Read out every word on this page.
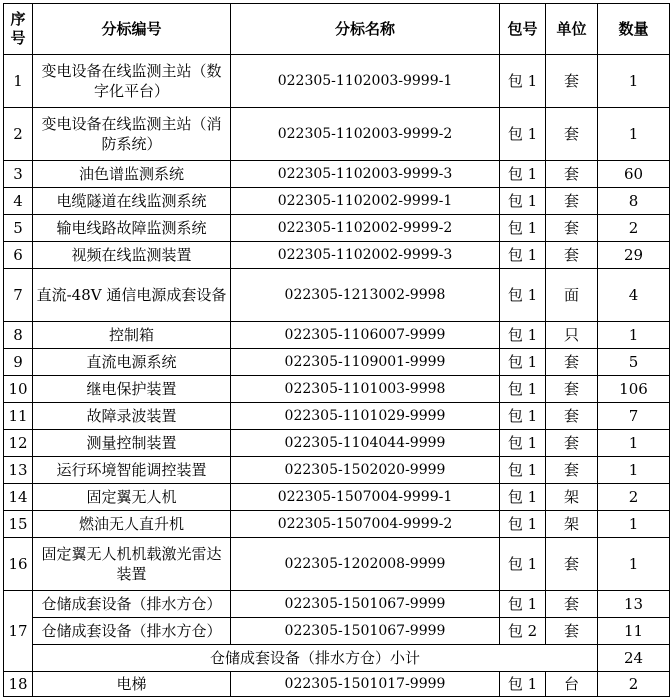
序号	分标编号	分标名称	包号	单位	数量
1	变电设备在线监测主站（数字化平台）	022305-1102003-9999-1	包 1	套	1
2	变电设备在线监测主站（消防系统）	022305-1102003-9999-2	包 1	套	1
3	油色谱监测系统	022305-1102003-9999-3	包 1	套	60
4	电缆隧道在线监测系统	022305-1102002-9999-1	包 1	套	8
5	输电线路故障监测系统	022305-1102002-9999-2	包 1	套	2
6	视频在线监测装置	022305-1102002-9999-3	包 1	套	29
7	直流-48V 通信电源成套设备	022305-1213002-9998	包 1	面	4
8	控制箱	022305-1106007-9999	包 1	只	1
9	直流电源系统	022305-1109001-9999	包 1	套	5
10	继电保护装置	022305-1101003-9998	包 1	套	106
11	故障录波装置	022305-1101029-9999	包 1	套	7
12	测量控制装置	022305-1104044-9999	包 1	套	1
13	运行环境智能调控装置	022305-1502020-9999	包 1	套	1
14	固定翼无人机	022305-1507004-9999-1	包 1	架	2
15	燃油无人直升机	022305-1507004-9999-2	包 1	架	1
16	固定翼无人机机载激光雷达装置	022305-1202008-9999	包 1	套	1
17	仓储成套设备（排水方仓）	022305-1501067-9999	包 1	套	13
	仓储成套设备（排水方仓）	022305-1501067-9999	包 2	套	11
	仓储成套设备（排水方仓）小计				24
18	电梯	022305-1501017-9999	包 1	台	2
